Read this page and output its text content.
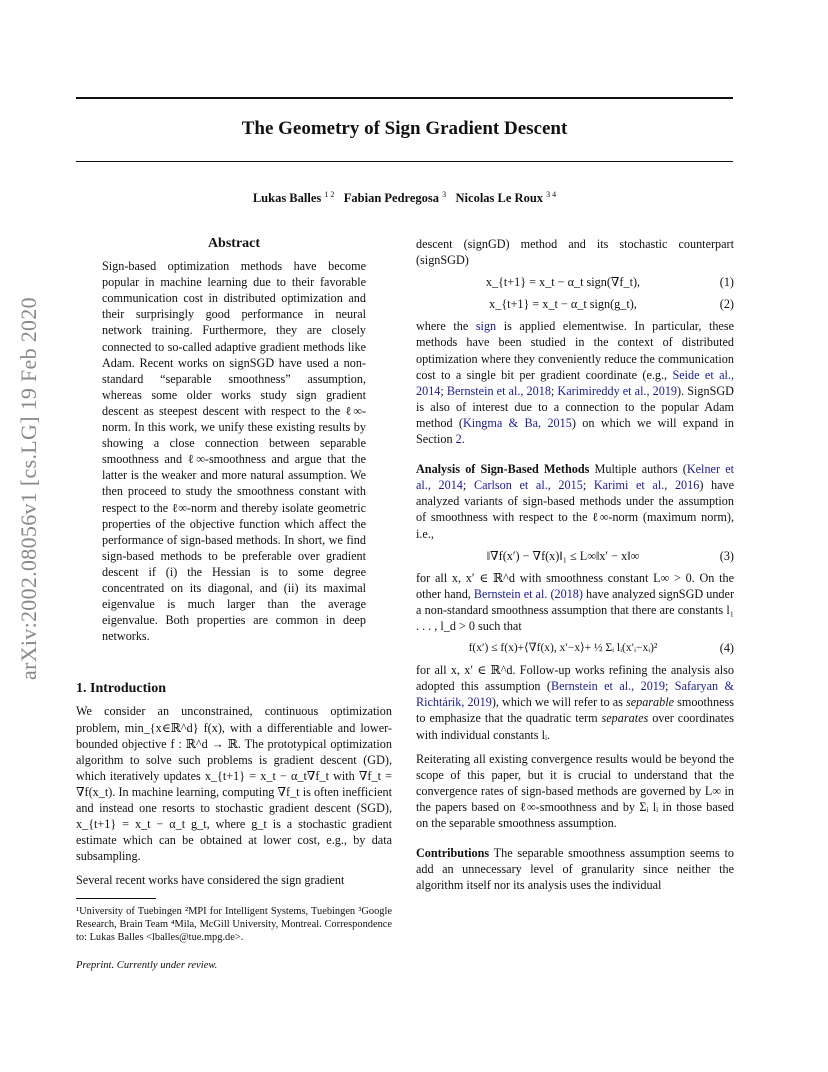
The Geometry of Sign Gradient Descent
Lukas Balles $^{1 2}$ Fabian Pedregosa $^3$ Nicolas Le Roux $^{3 4}$
arXiv:2002.08056v1 [cs.LG] 19 Feb 2020
Abstract

Sign-based optimization methods have become popular in machine learning due to their favorable communication cost in distributed optimization and their surprisingly good performance in neural network training. Furthermore, they are closely connected to so-called adaptive gradient methods like Adam. Recent works on signSGD have used a non-standard “separable smoothness” assumption, whereas some older works study sign gradient descent as steepest descent with respect to the ℓ∞-norm. In this work, we unify these existing results by showing a close connection between separable smoothness and ℓ∞-smoothness and argue that the latter is the weaker and more natural assumption. We then proceed to study the smoothness constant with respect to the ℓ∞-norm and thereby isolate geometric properties of the objective function which affect the performance of sign-based methods. In short, we find sign-based methods to be preferable over gradient descent if (i) the Hessian is to some degree concentrated on its diagonal, and (ii) its maximal eigenvalue is much larger than the average eigenvalue. Both properties are common in deep networks.

1. Introduction

We consider an unconstrained, continuous optimization problem, min_{x∈ℝ^d} f(x), with a differentiable and lower-bounded objective f : ℝ^d → ℝ. The prototypical optimization algorithm to solve such problems is gradient descent (GD), which iteratively updates x_{t+1} = x_t − α_t∇f_t with ∇f_t = ∇f(x_t). In machine learning, computing ∇f_t is often inefficient and instead one resorts to stochastic gradient descent (SGD), x_{t+1} = x_t − α_t g_t, where g_t is a stochastic gradient estimate which can be obtained at lower cost, e.g., by data subsampling.

Several recent works have considered the sign gradient

¹University of Tuebingen ²MPI for Intelligent Systems, Tuebingen ³Google Research, Brain Team ⁴Mila, McGill University, Montreal. Correspondence to: Lukas Balles <lballes@tue.mpg.de>.

Preprint. Currently under review.

descent (signGD) method and its stochastic counterpart (signSGD)

x_{t+1} = x_t − α_t sign(∇f_t),	(1)
x_{t+1} = x_t − α_t sign(g_t),	(2)

where the sign is applied elementwise. In particular, these methods have been studied in the context of distributed optimization where they conveniently reduce the communication cost to a single bit per gradient coordinate (e.g., Seide et al., 2014; Bernstein et al., 2018; Karimireddy et al., 2019). SignSGD is also of interest due to a connection to the popular Adam method (Kingma & Ba, 2015) on which we will expand in Section 2.

Analysis of Sign-Based Methods Multiple authors (Kelner et al., 2014; Carlson et al., 2015; Karimi et al., 2016) have analyzed variants of sign-based methods under the assumption of smoothness with respect to the ℓ∞-norm (maximum norm), i.e.,

‖∇f(x′) − ∇f(x)‖₁ ≤ L∞‖x′ − x‖∞	(3)

for all x, x′ ∈ ℝ^d with smoothness constant L∞ > 0. On the other hand, Bernstein et al. (2018) have analyzed signSGD under a non-standard smoothness assumption that there are constants l₁ . . . , l_d > 0 such that

f(x′) ≤ f(x)+⟨∇f(x), x′−x⟩+ ½ Σᵢ lᵢ(x′ᵢ−xᵢ)²	(4)

for all x, x′ ∈ ℝ^d. Follow-up works refining the analysis also adopted this assumption (Bernstein et al., 2019; Safaryan & Richtárik, 2019), which we will refer to as separable smoothness to emphasize that the quadratic term separates over coordinates with individual constants lᵢ.

Reiterating all existing convergence results would be beyond the scope of this paper, but it is crucial to understand that the convergence rates of sign-based methods are governed by L∞ in the papers based on ℓ∞-smoothness and by Σᵢ lᵢ in those based on the separable smoothness assumption.

Contributions The separable smoothness assumption seems to add an unnecessary level of granularity since neither the algorithm itself nor its analysis uses the individual
